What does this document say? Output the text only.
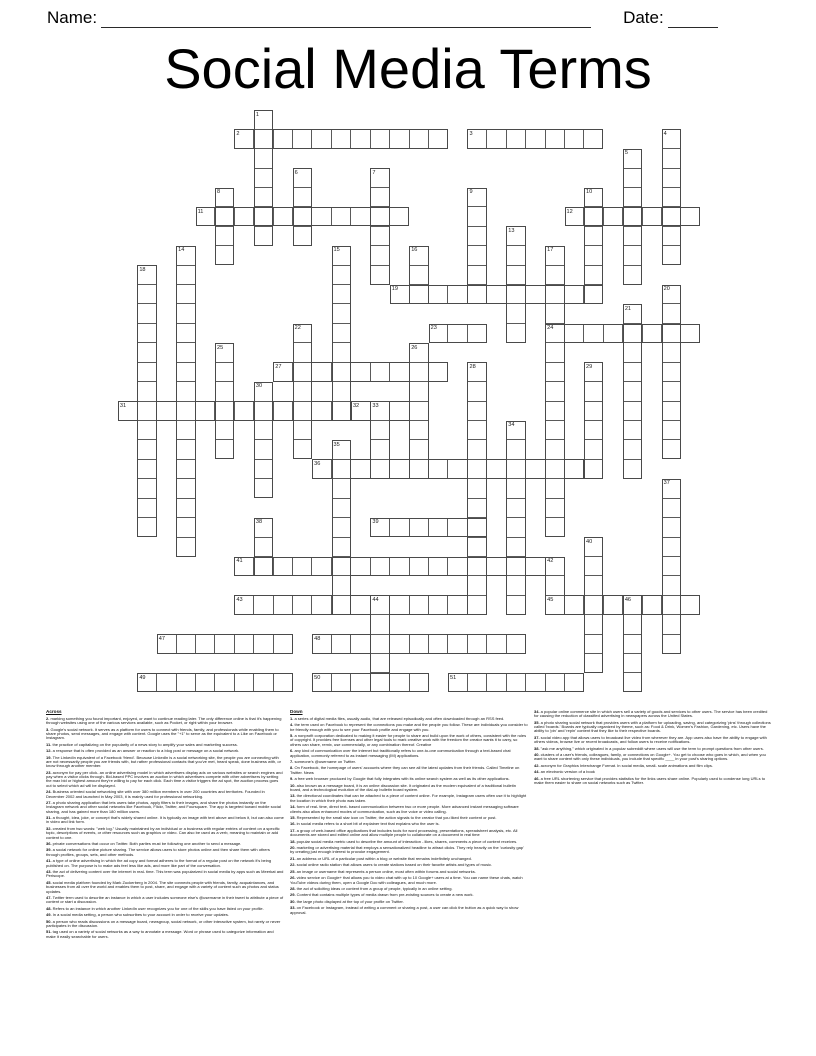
Name:	Date:
Social Media Terms
2	3
11	12
19
23	24
27
31	32
36
39
41
43	45
47	48
49	50	51
1
4
5
6	7
8	9	10
13
14	15	16	17
18
20
21
22
25	26
28	29
30
33
34
35
37
38
40
42
44	46
Across
2. marking something you found important, enjoyed, or want to continue reading later. The only difference online is that it's happening through websites using one of the various services available, such as Pocket, or right within your browser.
3. Google's social network. It serves as a platform for users to connect with friends, family, and professionals while enabling them to share photos, send messages, and engage with content. Google uses the "+1" to serve as the equivalent to a Like on Facebook or Instagram.
11. the practice of capitalizing on the popularity of a news story to amplify your sales and marketing success.
12. a response that is often provided as an answer or reaction to a blog post or message on a social network.
19. The LinkedIn equivalent of a Facebook 'friend'. Because LinkedIn is a social networking site, the people you are connecting with are not necessarily people you are friends with, but rather professional contacts that you've met, heard speak, done business with, or know through another member.
23. acronym for pay per click- an online advertising model in which advertisers display ads on various websites or search engines and pay when a visitor clicks through. Bid-based PPC involves an auction in which advertisers compete with other advertisers by setting the max bid or highest amount they're willing to pay for each click. Each time a visitor triggers the ad spot, the auction process goes out to select which ad will be displayed.
24. Business oriented social networking site with over 380 million members in over 200 countries and territories. Founded in December 2002 and launched in May 2003, it is mainly used for professional networking.
27. a photo sharing application that lets users take photos, apply filters to their images, and share the photos instantly on the Instagram network and other social networks like Facebook, Flickr, Twitter, and Foursquare. The app is targeted toward mobile social sharing, and has gained more than 180 million users.
31. a thought, idea, joke, or concept that's widely shared online. It is typically an image with text above and below it, but can also come in video and link form.
32. created from two words: "web log." Usually maintained by an individual or a business with regular entries of content on a specific topic, descriptions of events, or other resources such as graphics or video. Can also be used as a verb, meaning to maintain or add content to one.
36. private conversations that occur on Twitter. Both parties must be following one another to send a message.
39. a social network for online picture sharing. The service allows users to store photos online and then share them with others through profiles, groups, sets, and other methods.
41. a type of online advertising in which the ad copy and format adheres to the format of a regular post on the network it's being published on. The purpose is to make ads feel less like ads, and more like part of the conversation.
43. the act of delivering content over the internet in real- time. This term was popularized in social media by apps such as Meerkat and Periscope.
45. social media platform founded by Mark Zuckerberg in 2004. The site connects people with friends, family, acquaintances, and businesses from all over the world and enables them to post, share, and engage with a variety of content such as photos and status updates.
47. Twitter term used to describe an instance in which a user includes someone else's @username in their tweet to attribute a piece of content or start a discussion.
48. Refers to an instance in which another LinkedIn user recognizes you for one of the skills you have listed on your profile.
49. In a social media setting, a person who subscribes to your account in order to receive your updates.
50. a person who reads discussions on a message board, newsgroup, social network, or other interactive system, but rarely or never participates in the discussion.
51. tag used on a variety of social networks as a way to annotate a message. Word or phrase used to categorize information and make it easily searchable for users.
Down
1. a series of digital media files, usually audio, that are released episodically and often downloaded through an RSS feed.
4. the term used on Facebook to represent the connections you make and the people you follow. These are individuals you consider to be friendly enough with you to see your Facebook profile and engage with you.
5. a nonprofit corporation dedicated to making it easier for people to share and build upon the work of others, consistent with the rules of copyright. It provides free licenses and other legal tools to mark creative work with the freedom the creator wants it to carry, so others can share, remix, use commercially, or any combination thereof. Creative
6. any kind of communication over the internet but traditionally refers to one-to-one communication through a text-based chat application, commonly referred to as instant messaging (IM) applications.
7. someone's @username on Twitter.
8. On Facebook, the homepage of users' accounts where they can see all the latest updates from their friends. Called Timeline on Twitter. News
9. a free web browser produced by Google that fully integrates with its online search system as well as its other applications.
10. also known as a message board, it is an online discussion site. It originated as the modern equivalent of a traditional bulletin board, and a technological evolution of the dial-up bulletin board system.
13. the directional coordinates that can be attached to a piece of content online. For example, Instagram users often use it to highlight the location in which their photo was taken.
14. form of real- time, direct text- based communication between two or more people. More advanced instant messaging software clients also allow enhanced modes of communication, such as live voice or video calling.
15. Represented by the small star icon on Twitter, the action signals to the creator that you liked their content or post.
16. in social media refers to a short bit of explainer text that explains who the user is.
17. a group of web-based office applications that includes tools for word processing, presentations, spreadsheet analysis, etc. All documents are stored and edited online and allow multiple people to collaborate on a document in real time
18. popular social media metric used to describe the amount of interaction - likes, shares, comments a piece of content receives.
20. marketing or advertising material that employs a sensationalized headline to attract clicks. They rely heavily on the 'curiosity gap' by creating just enough interest to provoke engagement.
21. an address or URL of a particular post within a blog or website that remains indefinitely unchanged.
22. social online radio station that allows users to create stations based on their favorite artists and types of music.
25. an image or username that represents a person online, most often within forums and social networks.
26. video service on Google+ that allows you to video chat with up to 10 Google+ users at a time. You can name these chats, watch YouTube videos during them, open a Google Doc with colleagues, and much more.
28. the act of soliciting ideas or content from a group of people, typically in an online setting.
29. Content that contains multiple types of media drawn from pre-existing sources to create a new work.
30. the large photo displayed at the top of your profile on Twitter.
33. on Facebook or Instagram, instead of writing a comment or sharing a post, a user can click the button as a quick way to show approval.
34. a popular online commerce site in which users sell a variety of goods and services to other users. The service has been credited for causing the reduction of classified advertising in newspapers across the United States.
35. a photo sharing social network that provides users with a platform for uploading, saving, and categorizing 'pins' through collections called 'boards.' Boards are typically organized by theme, such as: Food & Drink, Women's Fashion, Gardening, etc. Users have the ability to 'pin' and 'repin' content that they like to their respective boards.
37. social video app that allows users to broadcast live video from wherever they are. App users also have the ability to engage with others videos, browse live or recent broadcasts, and follow users to receive notifications.
38. "ask me anything," which originated in a popular subreddit where users will use the term to prompt questions from other users.
40. clusters of a user's friends, colleagues, family, or connections on Google+. You get to choose who goes in which, and when you want to share content with only these individuals, you include that specific ____ in your post's sharing options.
42. acronym for Graphics Interchange Format. In social media, small- scale animations and film clips.
44. an electronic version of a book
46. a free URL shortening service that provides statistics for the links users share online. Popularly used to condense long URLs to make them easier to share on social networks such as Twitter.
